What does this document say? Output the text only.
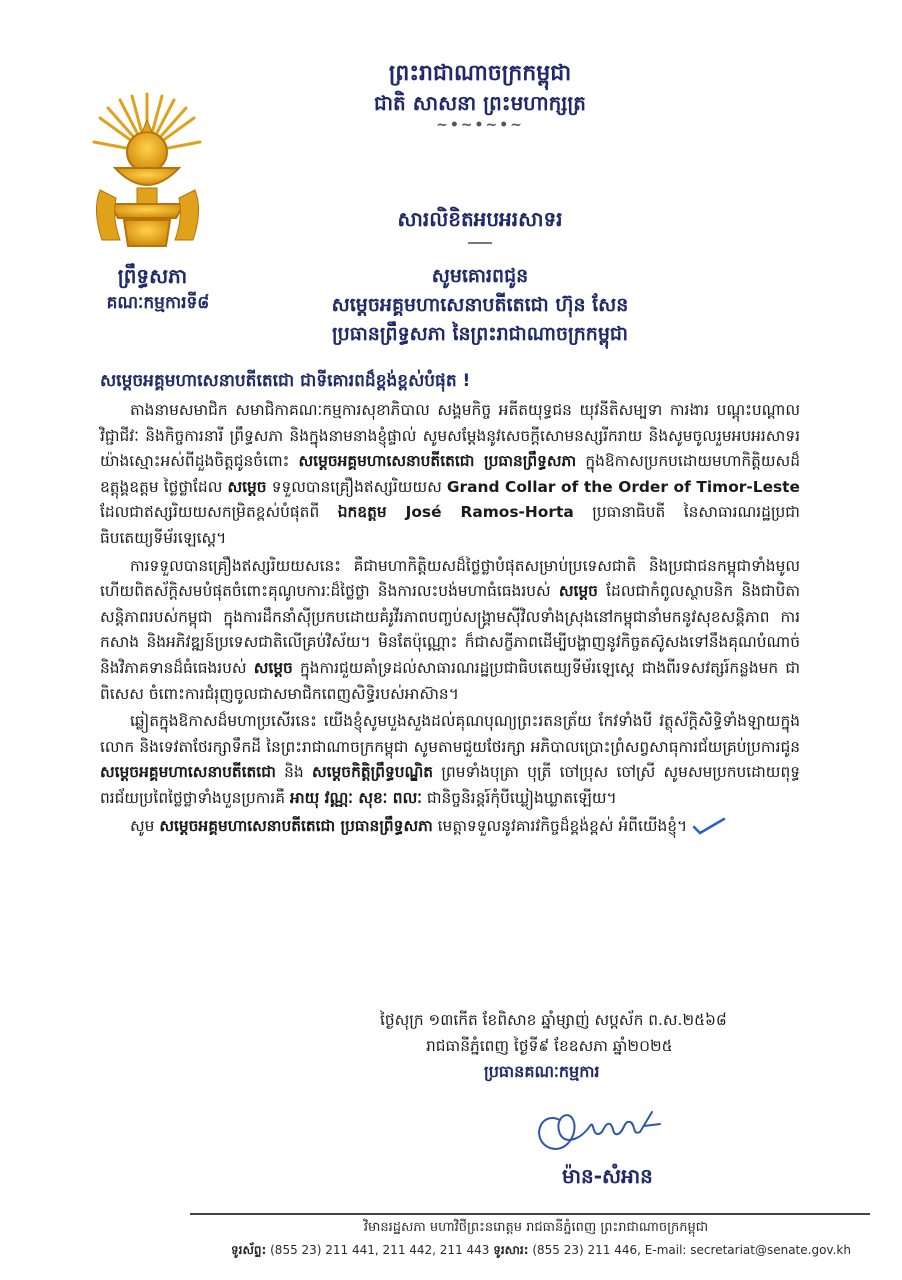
ព្រះរាជាណាចក្រកម្ពុជា
ជាតិ សាសនា ព្រះមហាក្សត្រ
~•~•~•~
ព្រឹទ្ធសភា
គណៈកម្មការទី៨
សារលិខិតអបអរសាទរ
សូមគោរពជូន
សម្តេចអគ្គមហាសេនាបតីតេជោ ហ៊ុន សែន
ប្រធានព្រឹទ្ធសភា នៃព្រះរាជាណាចក្រកម្ពុជា
សម្តេចអគ្គមហាសេនាបតីតេជោ ជាទីគោរពដ៏ខ្ពង់ខ្ពស់បំផុត !

តាងនាមសមាជិក សមាជិកាគណៈកម្មការសុខាភិបាល សង្គមកិច្ច អតីតយុទ្ធជន យុវនីតិសម្បទា ការងារ បណ្តុះបណ្តាលវិជ្ជាជីវៈ និងកិច្ចការនារី ព្រឹទ្ធសភា និងក្នុងនាមនាងខ្ញុំផ្ទាល់ សូមសម្តែងនូវសេចក្តីសោមនស្សរីករាយ និងសូមចូលរួមអបអរសាទរយ៉ាងស្មោះអស់ពីដួងចិត្តជូនចំពោះ សម្តេចអគ្គមហាសេនាបតីតេជោ ប្រធានព្រឹទ្ធសភា ក្នុងឱកាសប្រកបដោយមហាកិត្តិយសដ៏ឧត្តុង្គឧត្តម ថ្លៃថ្លាដែល សម្តេច ទទួលបានគ្រឿងឥស្សរិយយស Grand Collar of the Order of Timor-Leste ដែលជាឥស្សរិយយសកម្រិតខ្ពស់បំផុតពី ឯកឧត្តម José Ramos-Horta ប្រធានាធិបតី នៃសាធារណរដ្ឋប្រជាធិបតេយ្យទីម័រឡេស្តេ។

ការទទួលបានគ្រឿងឥស្សរិយយសនេះ គឺជាមហាកិត្តិយសដ៏ថ្លៃថ្លាបំផុតសម្រាប់ប្រទេសជាតិ និងប្រជាជនកម្ពុជាទាំងមូល ហើយពិតស័ក្តិសមបំផុតចំពោះគុណូបការៈដ៏ថ្លៃថ្លា និងការលះបង់មហាធំធេងរបស់ សម្តេច ដែលជាកំពូលស្ថាបនិក និងជាបិតាសន្តិភាពរបស់កម្ពុជា ក្នុងការដឹកនាំស៊ីប្រកបដោយគំរូវីរភាពបញ្ចប់សង្គ្រាមស៊ីវិលទាំងស្រុងនៅកម្ពុជានាំមកនូវសុខសន្តិភាព ការកសាង និងអភិវឌ្ឍន៍ប្រទេសជាតិលើគ្រប់វិស័យ។ មិនតែប៉ុណ្ណោះ ក៏ជាសក្ខីភាពដើម្បីបង្ហាញនូវកិច្ចតស៊ូសងទៅនឹងគុណបំណាច់ និងវិភាគទានដ៏ធំធេងរបស់ សម្តេច ក្នុងការជួយគាំទ្រដល់សាធារណរដ្ឋប្រជាធិបតេយ្យទីម័រឡេស្តេ ជាងពីរទសវត្សរ៍កន្លងមក ជាពិសេស ចំពោះការជំរុញចូលជាសមាជិកពេញសិទ្ធិរបស់អាស៊ាន។

ឆ្លៀតក្នុងឱកាសដ៏មហាប្រសើរនេះ យើងខ្ញុំសូមបួងសួងដល់គុណបុណ្យព្រះរតនត្រ័យ កែវទាំងបី វត្ថុស័ក្តិសិទ្ធិទាំងឡាយក្នុងលោក និងទេវតាថែរក្សាទឹកដី នៃព្រះរាជាណាចក្រកម្ពុជា សូមតាមជួយថែរក្សា អភិបាលប្រោះព្រំសព្វសាធុការជ័យគ្រប់ប្រការជូន សម្តេចអគ្គមហាសេនាបតីតេជោ និង សម្តេចកិត្តិព្រឹទ្ធបណ្ឌិត ព្រមទាំងបុត្រា បុត្រី ចៅប្រុស ចៅស្រី សូមសមប្រកបដោយពុទ្ធពរជ័យប្រពៃថ្លៃថ្លាទាំងបួនប្រការគឺ អាយុ វណ្ណៈ សុខៈ ពលៈ ជានិច្ចនិរន្តរ៍កុំបីឃ្លៀងឃ្លាតឡើយ។

សូម សម្តេចអគ្គមហាសេនាបតីតេជោ ប្រធានព្រឹទ្ធសភា មេត្តាទទួលនូវគារវកិច្ចដ៏ខ្ពង់ខ្ពស់ អំពីយើងខ្ញុំ។

ថ្ងៃសុក្រ ១៣កើត ខែពិសាខ ឆ្នាំម្សាញ់ សប្តស័ក ព.ស.២៥៦៨
រាជធានីភ្នំពេញ ថ្ងៃទី៩ ខែឧសភា ឆ្នាំ២០២៥
ប្រធានគណៈកម្មការ
ម៉ាន-សំអាន
វិមានរដ្ឋសភា មហាវិថីព្រះនរោត្តម រាជធានីភ្នំពេញ ព្រះរាជាណាចក្រកម្ពុជា
ទូរស័ព្ទ: (855 23) 211 441, 211 442, 211 443 ទូរសារ: (855 23) 211 446, E-mail: secretariat@senate.gov.kh
